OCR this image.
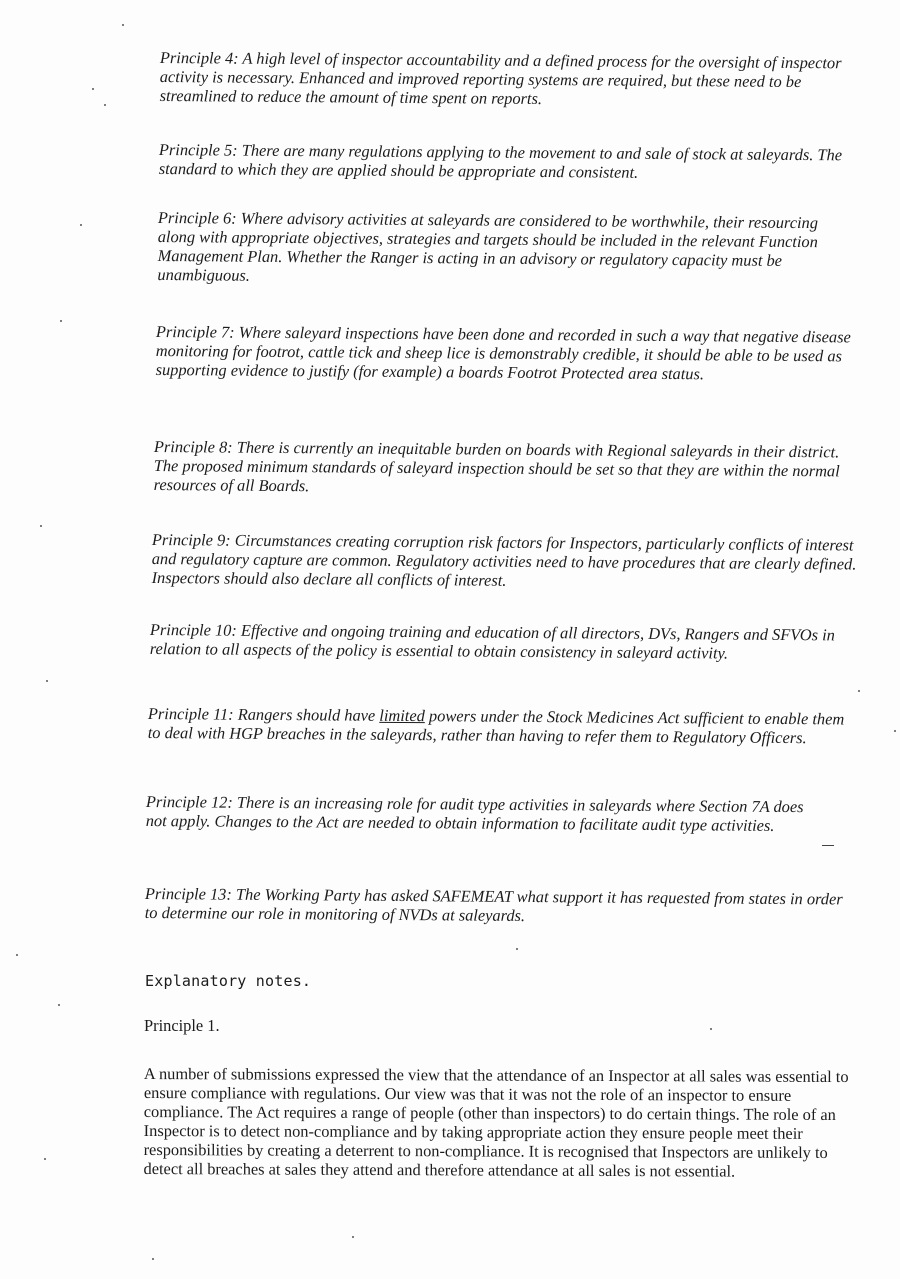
Principle 4: A high level of inspector accountability and a defined process for the oversight of inspector activity is necessary. Enhanced and improved reporting systems are required, but these need to be streamlined to reduce the amount of time spent on reports.

Principle 5: There are many regulations applying to the movement to and sale of stock at saleyards. The standard to which they are applied should be appropriate and consistent.

Principle 6: Where advisory activities at saleyards are considered to be worthwhile, their resourcing along with appropriate objectives, strategies and targets should be included in the relevant Function Management Plan. Whether the Ranger is acting in an advisory or regulatory capacity must be unambiguous.

Principle 7: Where saleyard inspections have been done and recorded in such a way that negative disease monitoring for footrot, cattle tick and sheep lice is demonstrably credible, it should be able to be used as supporting evidence to justify (for example) a boards Footrot Protected area status.

Principle 8: There is currently an inequitable burden on boards with Regional saleyards in their district. The proposed minimum standards of saleyard inspection should be set so that they are within the normal resources of all Boards.

Principle 9: Circumstances creating corruption risk factors for Inspectors, particularly conflicts of interest and regulatory capture are common. Regulatory activities need to have procedures that are clearly defined. Inspectors should also declare all conflicts of interest.

Principle 10: Effective and ongoing training and education of all directors, DVs, Rangers and SFVOs in relation to all aspects of the policy is essential to obtain consistency in saleyard activity.

Principle 11: Rangers should have limited powers under the Stock Medicines Act sufficient to enable them to deal with HGP breaches in the saleyards, rather than having to refer them to Regulatory Officers.

Principle 12: There is an increasing role for audit type activities in saleyards where Section 7A does not apply. Changes to the Act are needed to obtain information to facilitate audit type activities.

Principle 13: The Working Party has asked SAFEMEAT what support it has requested from states in order to determine our role in monitoring of NVDs at saleyards.

Explanatory notes.

Principle 1.

A number of submissions expressed the view that the attendance of an Inspector at all sales was essential to ensure compliance with regulations. Our view was that it was not the role of an inspector to ensure compliance. The Act requires a range of people (other than inspectors) to do certain things. The role of an Inspector is to detect non-compliance and by taking appropriate action they ensure people meet their responsibilities by creating a deterrent to non-compliance. It is recognised that Inspectors are unlikely to detect all breaches at sales they attend and therefore attendance at all sales is not essential.
